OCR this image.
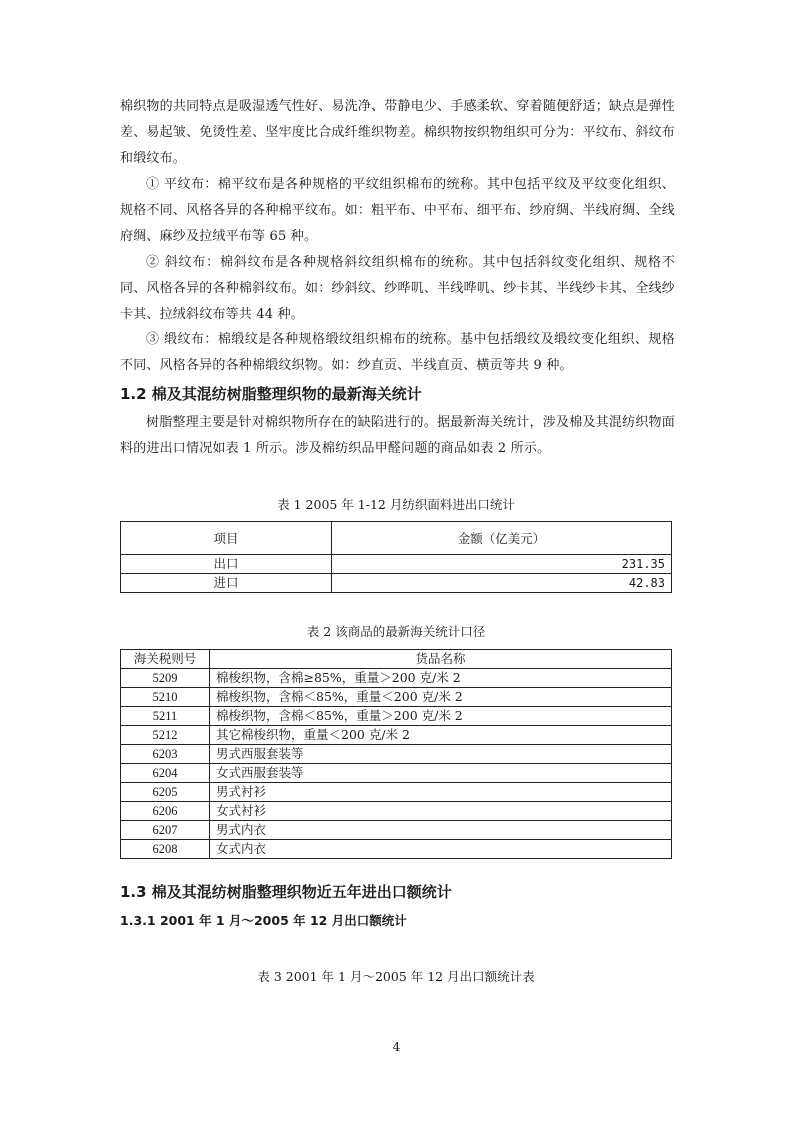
棉织物的共同特点是吸湿透气性好、易洗净、带静电少、手感柔软、穿着随便舒适；缺点是弹性差、易起皱、免烫性差、坚牢度比合成纤维织物差。棉织物按织物组织可分为：平纹布、斜纹布和缎纹布。

① 平纹布：棉平纹布是各种规格的平纹组织棉布的统称。其中包括平纹及平纹变化组织、规格不同、风格各异的各种棉平纹布。如：粗平布、中平布、细平布、纱府绸、半线府绸、全线府绸、麻纱及拉绒平布等 65 种。

② 斜纹布：棉斜纹布是各种规格斜纹组织棉布的统称。其中包括斜纹变化组织、规格不同、风格各异的各种棉斜纹布。如：纱斜纹、纱哗叽、半线哗叽、纱卡其、半线纱卡其、全线纱卡其、拉绒斜纹布等共 44 种。

③ 缎纹布：棉缎纹是各种规格缎纹组织棉布的统称。基中包括缎纹及缎纹变化组织、规格不同、风格各异的各种棉缎纹织物。如：纱直贡、半线直贡、横贡等共 9 种。

1.2 棉及其混纺树脂整理织物的最新海关统计

树脂整理主要是针对棉织物所存在的缺陷进行的。据最新海关统计，涉及棉及其混纺织物面料的进出口情况如表 1 所示。涉及棉纺织品甲醛问题的商品如表 2 所示。

表 1 2005 年 1-12 月纺织面料进出口统计

项目	金额（亿美元）
出口	231.35
进口	42.83

表 2 该商品的最新海关统计口径

海关税则号	货品名称
5209	棉梭织物，含棉≥85%，重量＞200 克/米 2
5210	棉梭织物，含棉＜85%，重量＜200 克/米 2
5211	棉梭织物，含棉＜85%，重量＞200 克/米 2
5212	其它棉梭织物，重量＜200 克/米 2
6203	男式西服套装等
6204	女式西服套装等
6205	男式衬衫
6206	女式衬衫
6207	男式内衣
6208	女式内衣
1.3 棉及其混纺树脂整理织物近五年进出口额统计
1.3.1 2001 年 1 月～2005 年 12 月出口额统计

表 3 2001 年 1 月～2005 年 12 月出口额统计表

4
